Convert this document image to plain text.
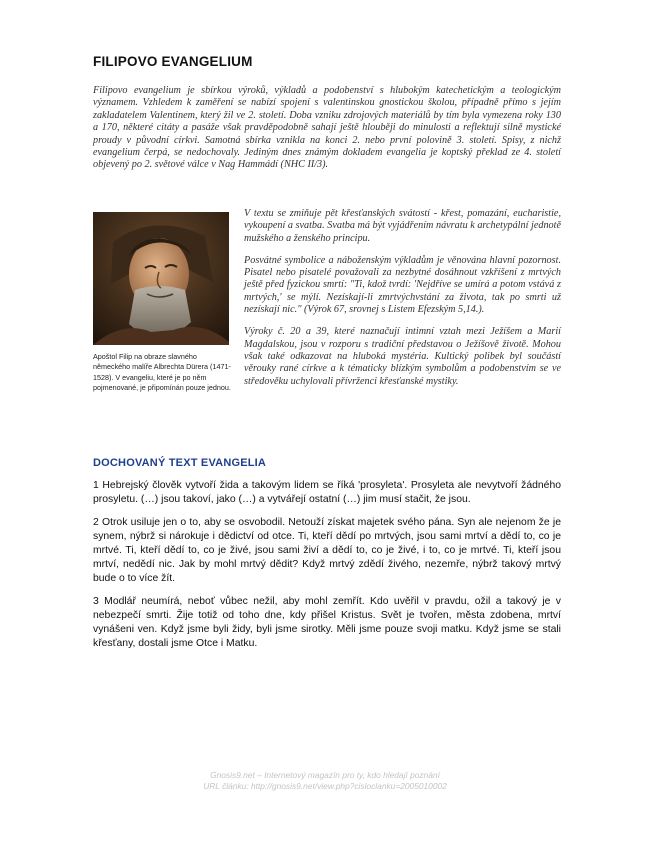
FILIPOVO EVANGELIUM

Filipovo evangelium je sbírkou výroků, výkladů a podobenství s hlubokým katechetickým a teologickým významem. Vzhledem k zaměření se nabízí spojení s valentinskou gnostickou školou, případně přímo s jejím zakladatelem Valentinem, který žil ve 2. století. Doba vzniku zdrojových materiálů by tím byla vymezena roky 130 a 170, některé citáty a pasáže však pravděpodobně sahají ještě hlouběji do minulosti a reflektují silně mystické proudy v původní církvi. Samotná sbírka vznikla na konci 2. nebo první polovině 3. století. Spisy, z nichž evangelium čerpá, se nedochovaly. Jediným dnes známým dokladem evangelia je koptský překlad ze 4. století objevený po 2. světové válce v Nag Hammádí (NHC II/3).

Apoštol Filip na obraze slavného německého malíře Albrechta Dürera (1471-1528). V evangeliu, které je po něm pojmenované, je připomínán pouze jednou.

V textu se zmiňuje pět křesťanských svátostí - křest, pomazání, eucharistie, vykoupení a svatba. Svatba má být vyjádřením návratu k archetypální jednotě mužského a ženského principu.

Posvátné symbolice a náboženským výkladům je věnována hlavní pozornost. Pisatel nebo pisatelé považovali za nezbytné dosáhnout vzkříšení z mrtvých ještě před fyzickou smrtí: "Ti, kdož tvrdí: 'Nejdříve se umírá a potom vstává z mrtvých,' se mýlí. Nezískají-li zmrtvýchvstání za života, tak po smrti už nezískají nic." (Výrok 67, srovnej s Listem Efezským 5,14.).

Výroky č. 20 a 39, které naznačují intimní vztah mezi Ježíšem a Marií Magdalskou, jsou v rozporu s tradiční představou o Ježíšově životě. Mohou však také odkazovat na hluboká mystéria. Kultický polibek byl součástí věrouky rané církve a k tématicky blízkým symbolům a podobenstvím se ve středověku uchylovali přívrženci křesťanské mystiky.

DOCHOVANÝ TEXT EVANGELIA

1 Hebrejský člověk vytvoří žida a takovým lidem se říká 'prosyleta'. Prosyleta ale nevytvoří žádného prosyletu. (…) jsou takoví, jako (…) a vytvářejí ostatní (…) jim musí stačit, že jsou.

2 Otrok usiluje jen o to, aby se osvobodil. Netouží získat majetek svého pána. Syn ale nejenom že je synem, nýbrž si nárokuje i dědictví od otce. Ti, kteří dědí po mrtvých, jsou sami mrtví a dědí to, co je mrtvé. Ti, kteří dědí to, co je živé, jsou sami živí a dědí to, co je živé, i to, co je mrtvé. Ti, kteří jsou mrtví, nedědí nic. Jak by mohl mrtvý dědit? Když mrtvý zdědí živého, nezemře, nýbrž takový mrtvý bude o to více žít.

3 Modlář neumírá, neboť vůbec nežil, aby mohl zemřít. Kdo uvěřil v pravdu, ožil a takový je v nebezpečí smrti. Žije totiž od toho dne, kdy přišel Kristus. Svět je tvořen, města zdobena, mrtví vynášeni ven. Když jsme byli židy, byli jsme sirotky. Měli jsme pouze svoji matku. Když jsme se stali křesťany, dostali jsme Otce i Matku.

Gnosis9.net – Internetový magazín pro ty, kdo hledají poznání
URL článku: http://gnosis9.net/view.php?cisloclanku=2005010002
